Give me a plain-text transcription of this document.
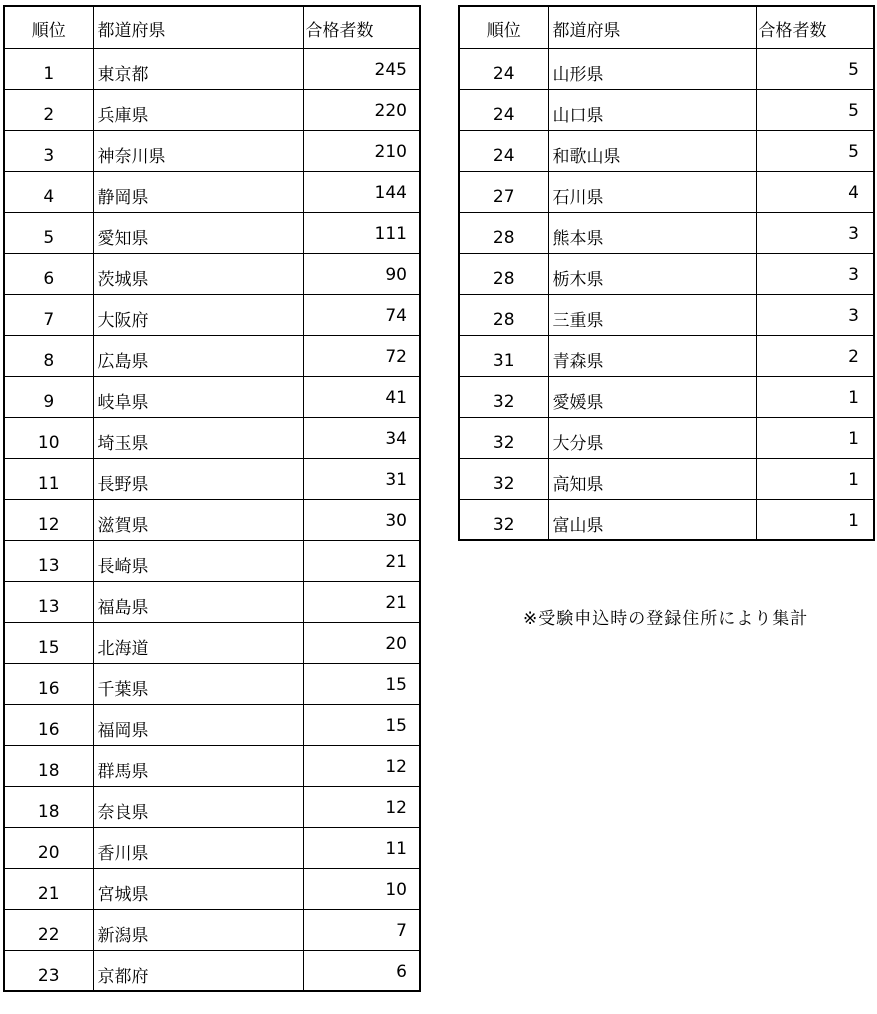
順位	都道府県	合格者数
1	東京都	245
2	兵庫県	220
3	神奈川県	210
4	静岡県	144
5	愛知県	111
6	茨城県	90
7	大阪府	74
8	広島県	72
9	岐阜県	41
10	埼玉県	34
11	長野県	31
12	滋賀県	30
13	長崎県	21
13	福島県	21
15	北海道	20
16	千葉県	15
16	福岡県	15
18	群馬県	12
18	奈良県	12
20	香川県	11
21	宮城県	10
22	新潟県	7
23	京都府	6
順位	都道府県	合格者数
24	山形県	5
24	山口県	5
24	和歌山県	5
27	石川県	4
28	熊本県	3
28	栃木県	3
28	三重県	3
31	青森県	2
32	愛媛県	1
32	大分県	1
32	高知県	1
32	富山県	1
※受験申込時の登録住所により集計
